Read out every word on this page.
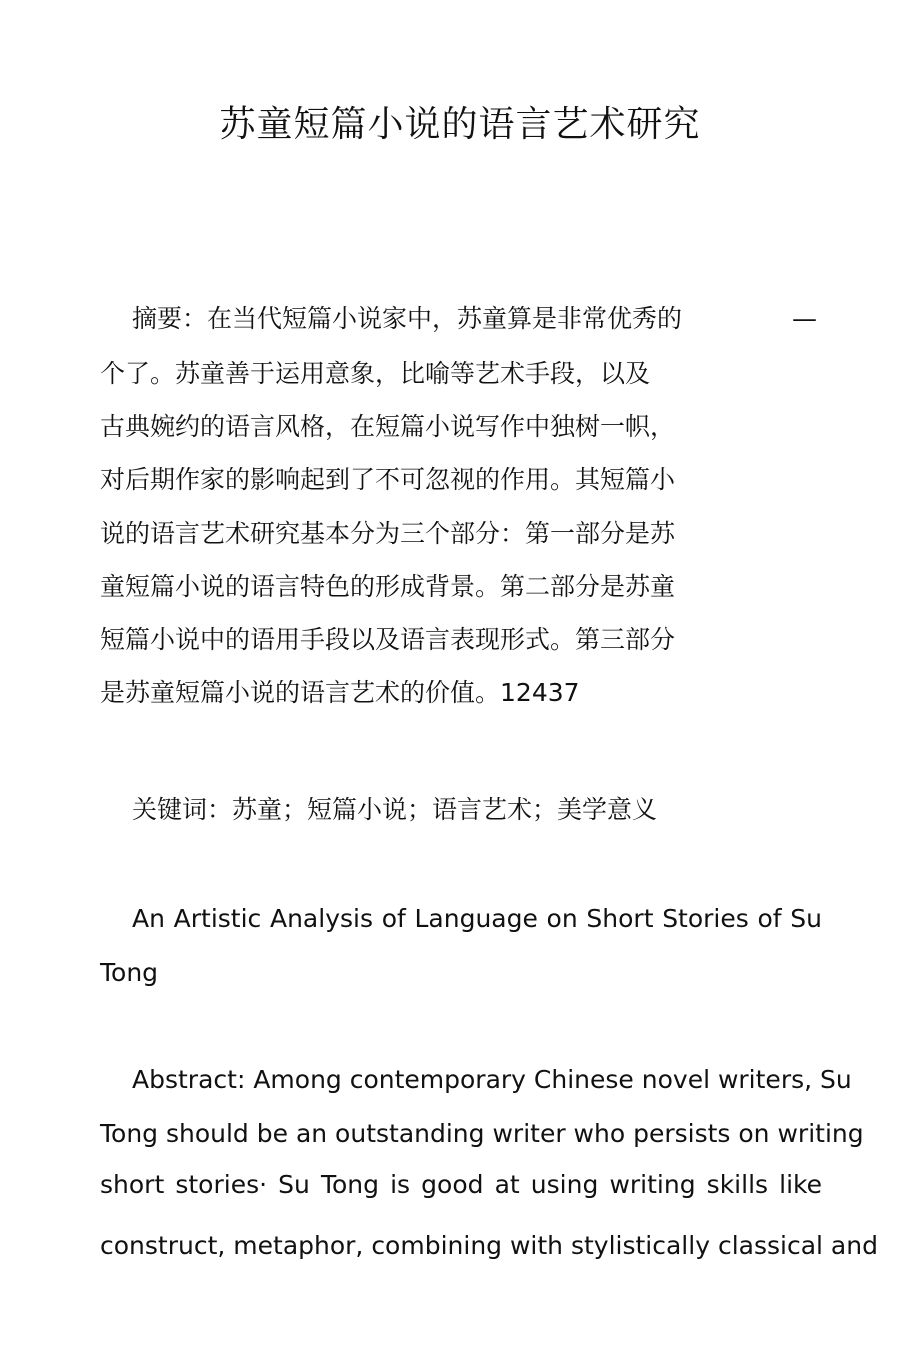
苏童短篇小说的语言艺术研究

摘要：在当代短篇小说家中，苏童算是非常优秀的	—

个了。苏童善于运用意象，比喻等艺术手段，以及

古典婉约的语言风格，在短篇小说写作中独树一帜，

对后期作家的影响起到了不可忽视的作用。其短篇小

说的语言艺术研究基本分为三个部分：第一部分是苏

童短篇小说的语言特色的形成背景。第二部分是苏童

短篇小说中的语用手段以及语言表现形式。第三部分

是苏童短篇小说的语言艺术的价值。12437

关键词：苏童；短篇小说；语言艺术；美学意义

An Artistic Analysis of Language on Short Stories of Su

Tong

Abstract: Among contemporary Chinese novel writers, Su

Tong should be an outstanding writer who persists on writing

short stories· Su Tong is good at using writing skills like

construct, metaphor, combining with stylistically classical and
